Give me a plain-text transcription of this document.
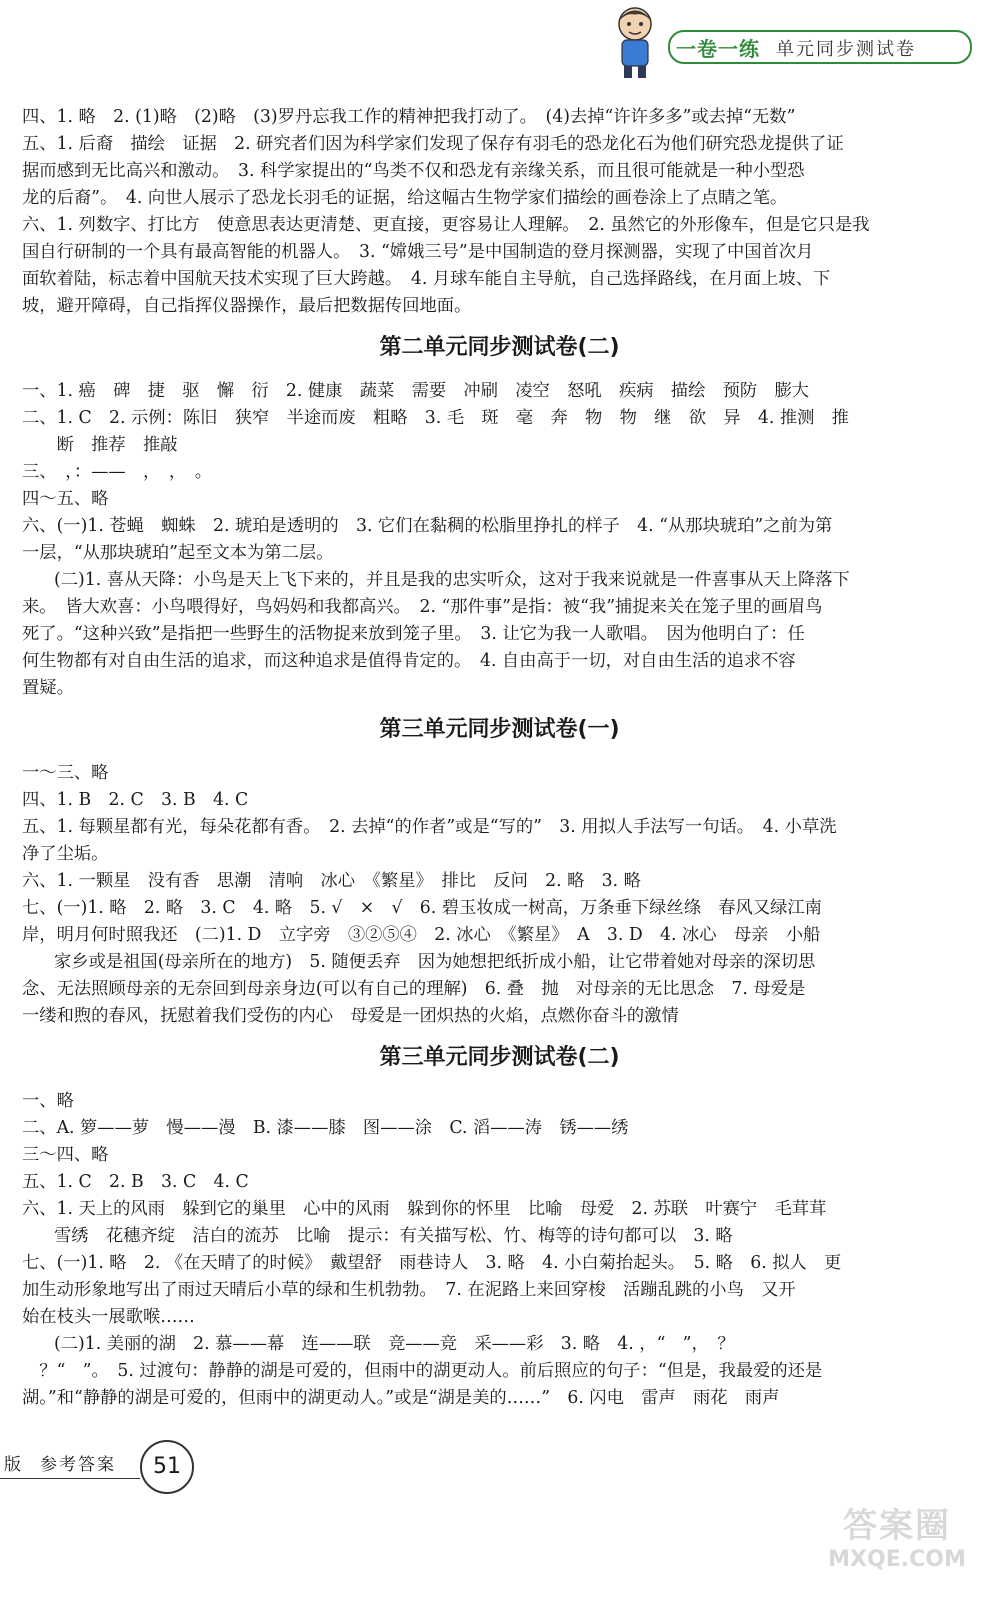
一卷一练 单元同步测试卷
四、1. 略　2. (1)略　(2)略　(3)罗丹忘我工作的精神把我打动了。　(4)去掉“许许多多”或去掉“无数”
五、1. 后裔　描绘　证据　2. 研究者们因为科学家们发现了保存有羽毛的恐龙化石为他们研究恐龙提供了证
据而感到无比高兴和激动。　3. 科学家提出的“鸟类不仅和恐龙有亲缘关系，而且很可能就是一种小型恐
龙的后裔”。　4. 向世人展示了恐龙长羽毛的证据，给这幅古生物学家们描绘的画卷涂上了点睛之笔。
六、1. 列数字、打比方　使意思表达更清楚、更直接，更容易让人理解。　2. 虽然它的外形像车，但是它只是我
国自行研制的一个具有最高智能的机器人。　3. “嫦娥三号”是中国制造的登月探测器，实现了中国首次月
面软着陆，标志着中国航天技术实现了巨大跨越。　4. 月球车能自主导航，自己选择路线，在月面上坡、下
坡，避开障碍，自己指挥仪器操作，最后把数据传回地面。
第二单元同步测试卷(二)
一、1. 癌　碑　捷　驱　懈　衍　2. 健康　蔬菜　需要　冲刷　凌空　怒吼　疾病　描绘　预防　膨大
二、1. C　2. 示例：陈旧　狭窄　半途而废　粗略　3. 毛　斑　毫　奔　物　物　继　欲　异　4. 推测　推
　　断　推荐　推敲
三、　，：——　，　，　。
四～五、略
六、(一)1. 苍蝇　蜘蛛　2. 琥珀是透明的　3. 它们在黏稠的松脂里挣扎的样子　4. “从那块琥珀”之前为第
一层，“从那块琥珀”起至文本为第二层。
(二)1. 喜从天降：小鸟是天上飞下来的，并且是我的忠实听众，这对于我来说就是一件喜事从天上降落下
来。　皆大欢喜：小鸟喂得好，鸟妈妈和我都高兴。　2. “那件事”是指：被“我”捕捉来关在笼子里的画眉鸟
死了。“这种兴致”是指把一些野生的活物捉来放到笼子里。　3. 让它为我一人歌唱。　因为他明白了：任
何生物都有对自由生活的追求，而这种追求是值得肯定的。　4. 自由高于一切，对自由生活的追求不容
置疑。
第三单元同步测试卷(一)
一～三、略
四、1. B　2. C　3. B　4. C
五、1. 每颗星都有光，每朵花都有香。　2. 去掉“的作者”或是“写的”　3. 用拟人手法写一句话。　4. 小草洗
净了尘垢。
六、1. 一颗星　没有香　思潮　清响　冰心　《繁星》　排比　反问　2. 略　3. 略
七、(一)1. 略　2. 略　3. C　4. 略　5. √　×　√　6. 碧玉妆成一树高，万条垂下绿丝绦　春风又绿江南
岸，明月何时照我还　(二)1. D　立字旁　③②⑤④　2. 冰心　《繁星》　A　3. D　4. 冰心　母亲　小船
家乡或是祖国(母亲所在的地方)　5. 随便丢弃　因为她想把纸折成小船，让它带着她对母亲的深切思
念、无法照顾母亲的无奈回到母亲身边(可以有自己的理解)　6. 叠　抛　对母亲的无比思念　7. 母爱是
一缕和煦的春风，抚慰着我们受伤的内心　母爱是一团炽热的火焰，点燃你奋斗的激情
第三单元同步测试卷(二)
一、略
二、A. 箩——萝　慢——漫　B. 漆——膝　图——涂　C. 滔——涛　锈——绣
三～四、略
五、1. C　2. B　3. C　4. C
六、1. 天上的风雨　躲到它的巢里　心中的风雨　躲到你的怀里　比喻　母爱　2. 苏联　叶赛宁　毛茸茸
雪绣　花穗齐绽　洁白的流苏　比喻　提示：有关描写松、竹、梅等的诗句都可以　3. 略
七、(一)1. 略　2. 《在天晴了的时候》　戴望舒　雨巷诗人　3. 略　4. 小白菊抬起头。　5. 略　6. 拟人　更
加生动形象地写出了雨过天晴后小草的绿和生机勃勃。　7. 在泥路上来回穿梭　活蹦乱跳的小鸟　又开
始在枝头一展歌喉……
(二)1. 美丽的湖　2. 慕——幕　连——联　竞——竞　采——彩　3. 略　4. ，“　”，　？
　？“　”。　5. 过渡句：静静的湖是可爱的，但雨中的湖更动人。前后照应的句子：“但是，我最爱的还是
湖。”和“静静的湖是可爱的，但雨中的湖更动人。”或是“湖是美的……”　6. 闪电　雷声　雨花　雨声
版 参考答案	51
答案圈
MXQE.COM
